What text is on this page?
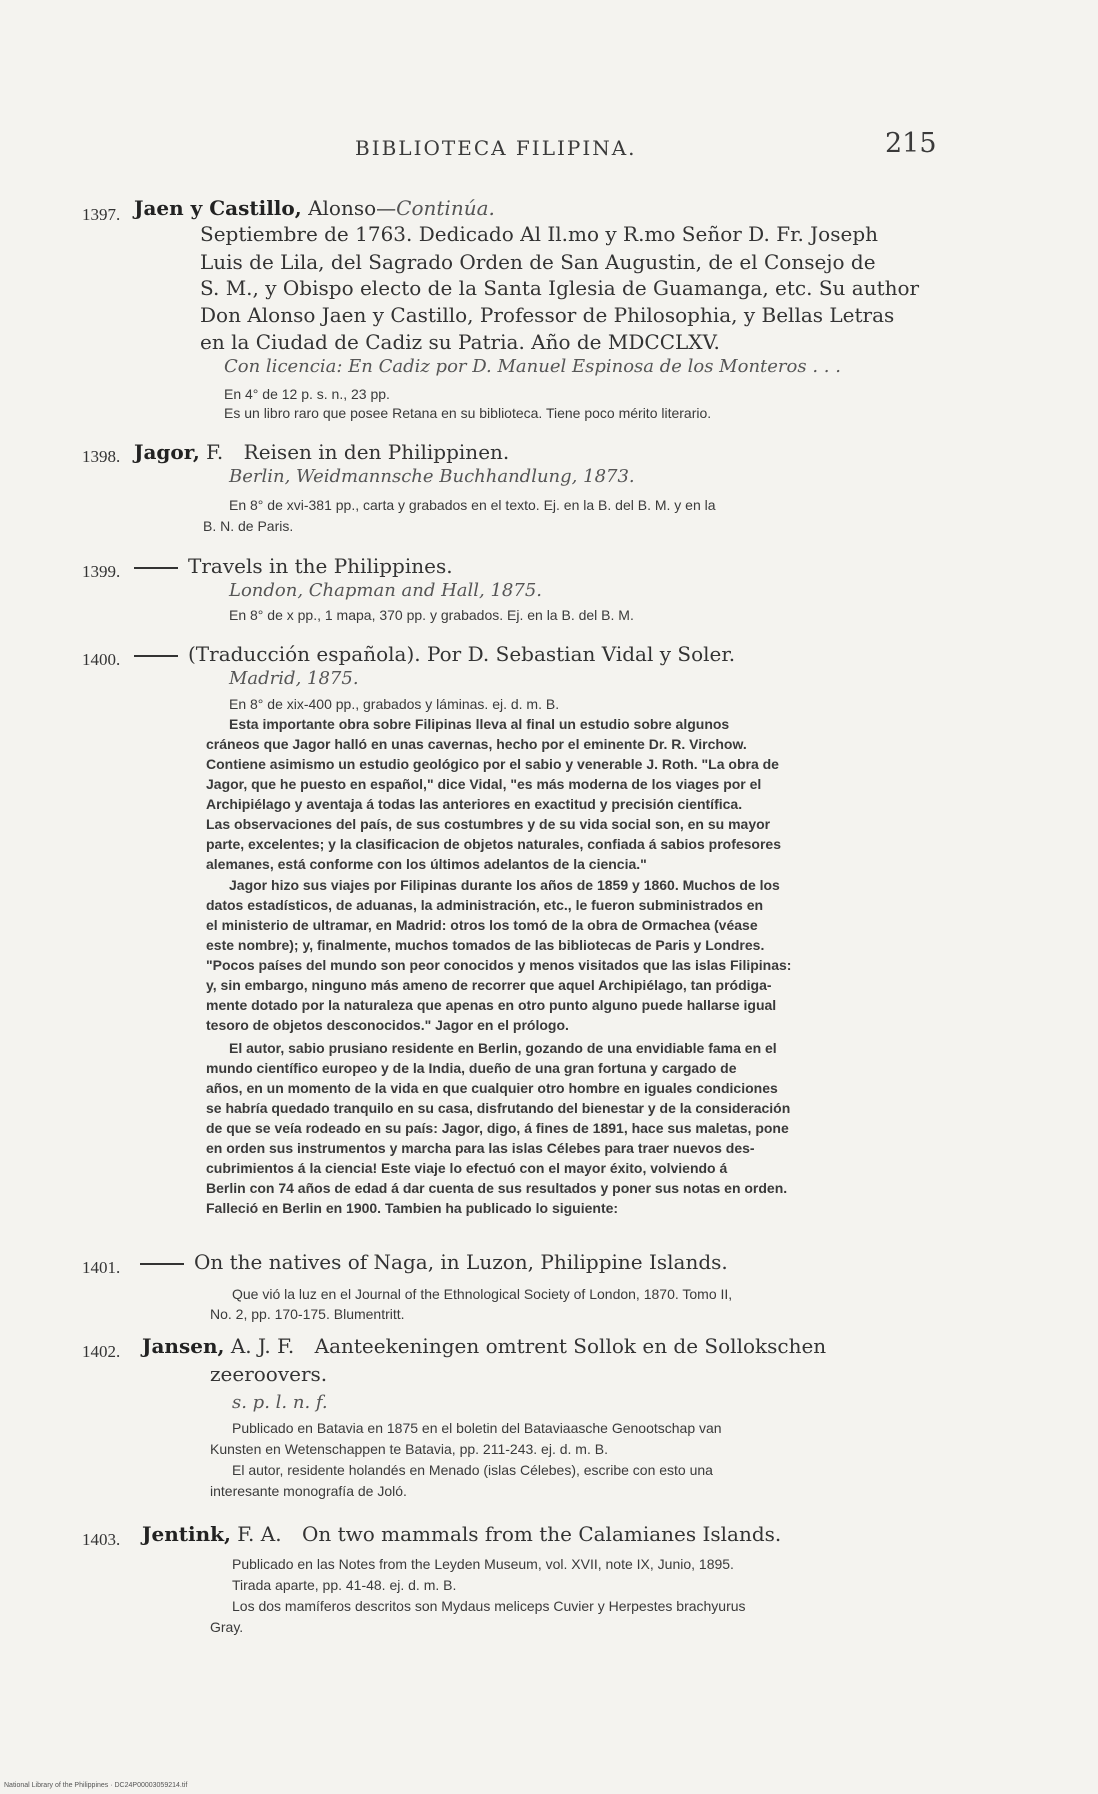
BIBLIOTECA FILIPINA.	215
1397. Jaen y Castillo, Alonso—Continúa.
Septiembre de 1763. Dedicado Al Il.mo y R.mo Señor D. Fr. Joseph
Luis de Lila, del Sagrado Orden de San Augustin, de el Consejo de
S. M., y Obispo electo de la Santa Iglesia de Guamanga, etc. Su author
Don Alonso Jaen y Castillo, Professor de Philosophia, y Bellas Letras
en la Ciudad de Cadiz su Patria. Año de MDCCLXV.
Con licencia: En Cadiz por D. Manuel Espinosa de los Monteros . . .
En 4° de 12 p. s. n., 23 pp.
Es un libro raro que posee Retana en su biblioteca. Tiene poco mérito literario.
1398. Jagor, F. Reisen in den Philippinen.
Berlin, Weidmannsche Buchhandlung, 1873.
En 8° de xvi-381 pp., carta y grabados en el texto. Ej. en la B. del B. M. y en la
B. N. de Paris.
1399.	Travels in the Philippines.
London, Chapman and Hall, 1875.
En 8° de x pp., 1 mapa, 370 pp. y grabados. Ej. en la B. del B. M.
1400.	(Traducción española). Por D. Sebastian Vidal y Soler.
Madrid, 1875.
En 8° de xix-400 pp., grabados y láminas. ej. d. m. B.
Esta importante obra sobre Filipinas lleva al final un estudio sobre algunos
cráneos que Jagor halló en unas cavernas, hecho por el eminente Dr. R. Virchow.
Contiene asimismo un estudio geológico por el sabio y venerable J. Roth. "La obra de
Jagor, que he puesto en español," dice Vidal, "es más moderna de los viages por el
Archipiélago y aventaja á todas las anteriores en exactitud y precisión científica.
Las observaciones del país, de sus costumbres y de su vida social son, en su mayor
parte, excelentes; y la clasificacion de objetos naturales, confiada á sabios profesores
alemanes, está conforme con los últimos adelantos de la ciencia."
Jagor hizo sus viajes por Filipinas durante los años de 1859 y 1860. Muchos de los
datos estadísticos, de aduanas, la administración, etc., le fueron subministrados en
el ministerio de ultramar, en Madrid: otros los tomó de la obra de Ormachea (véase
este nombre); y, finalmente, muchos tomados de las bibliotecas de Paris y Londres.
"Pocos países del mundo son peor conocidos y menos visitados que las islas Filipinas:
y, sin embargo, ninguno más ameno de recorrer que aquel Archipiélago, tan pródiga-
mente dotado por la naturaleza que apenas en otro punto alguno puede hallarse igual
tesoro de objetos desconocidos." Jagor en el prólogo.
El autor, sabio prusiano residente en Berlin, gozando de una envidiable fama en el
mundo científico europeo y de la India, dueño de una gran fortuna y cargado de
años, en un momento de la vida en que cualquier otro hombre en iguales condiciones
se habría quedado tranquilo en su casa, disfrutando del bienestar y de la consideración
de que se veía rodeado en su país: Jagor, digo, á fines de 1891, hace sus maletas, pone
en orden sus instrumentos y marcha para las islas Célebes para traer nuevos des-
cubrimientos á la ciencia! Este viaje lo efectuó con el mayor éxito, volviendo á
Berlin con 74 años de edad á dar cuenta de sus resultados y poner sus notas en orden.
Falleció en Berlin en 1900. Tambien ha publicado lo siguiente:
1401.	On the natives of Naga, in Luzon, Philippine Islands.
Que vió la luz en el Journal of the Ethnological Society of London, 1870. Tomo II,
No. 2, pp. 170-175. Blumentritt.
1402. Jansen, A. J. F. Aanteekeningen omtrent Sollok en de Sollokschen
zeeroovers.
s. p. l. n. f.
Publicado en Batavia en 1875 en el boletin del Bataviaasche Genootschap van
Kunsten en Wetenschappen te Batavia, pp. 211-243. ej. d. m. B.
El autor, residente holandés en Menado (islas Célebes), escribe con esto una
interesante monografía de Joló.
1403. Jentink, F. A. On two mammals from the Calamianes Islands.
Publicado en las Notes from the Leyden Museum, vol. XVII, note IX, Junio, 1895.
Tirada aparte, pp. 41-48. ej. d. m. B.
Los dos mamíferos descritos son Mydaus meliceps Cuvier y Herpestes brachyurus
Gray.
National Library of the Philippines · DC24P00003059214.tif
